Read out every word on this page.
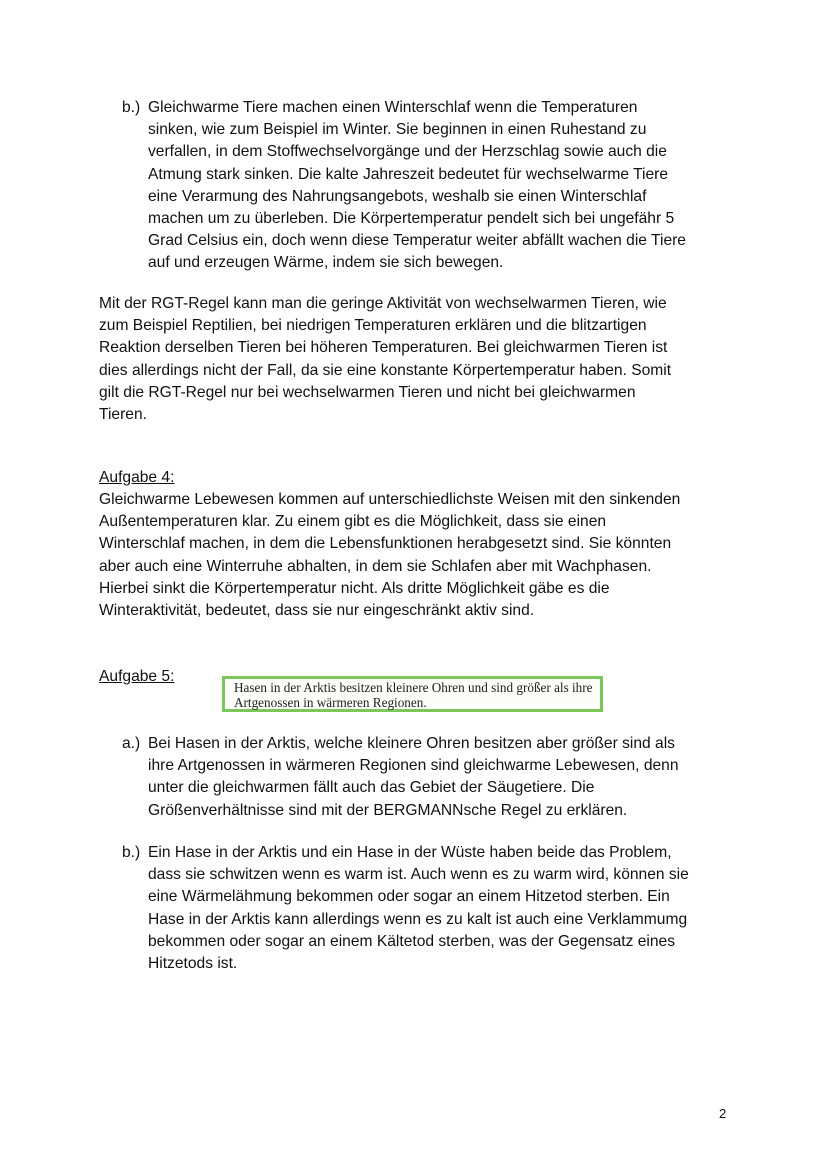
b.) Gleichwarme Tiere machen einen Winterschlaf wenn die Temperaturen
sinken, wie zum Beispiel im Winter. Sie beginnen in einen Ruhestand zu
verfallen, in dem Stoffwechselvorgänge und der Herzschlag sowie auch die
Atmung stark sinken. Die kalte Jahreszeit bedeutet für wechselwarme Tiere
eine Verarmung des Nahrungsangebots, weshalb sie einen Winterschlaf
machen um zu überleben. Die Körpertemperatur pendelt sich bei ungefähr 5
Grad Celsius ein, doch wenn diese Temperatur weiter abfällt wachen die Tiere
auf und erzeugen Wärme, indem sie sich bewegen.
Mit der RGT-Regel kann man die geringe Aktivität von wechselwarmen Tieren, wie
zum Beispiel Reptilien, bei niedrigen Temperaturen erklären und die blitzartigen
Reaktion derselben Tieren bei höheren Temperaturen. Bei gleichwarmen Tieren ist
dies allerdings nicht der Fall, da sie eine konstante Körpertemperatur haben. Somit
gilt die RGT-Regel nur bei wechselwarmen Tieren und nicht bei gleichwarmen
Tieren.
Aufgabe 4:
Gleichwarme Lebewesen kommen auf unterschiedlichste Weisen mit den sinkenden
Außentemperaturen klar. Zu einem gibt es die Möglichkeit, dass sie einen
Winterschlaf machen, in dem die Lebensfunktionen herabgesetzt sind. Sie könnten
aber auch eine Winterruhe abhalten, in dem sie Schlafen aber mit Wachphasen.
Hierbei sinkt die Körpertemperatur nicht. Als dritte Möglichkeit gäbe es die
Winteraktivität, bedeutet, dass sie nur eingeschränkt aktiv sind.
Aufgabe 5:
Hasen in der Arktis besitzen kleinere Ohren und sind größer als ihre
Artgenossen in wärmeren Regionen.
a.) Bei Hasen in der Arktis, welche kleinere Ohren besitzen aber größer sind als
ihre Artgenossen in wärmeren Regionen sind gleichwarme Lebewesen, denn
unter die gleichwarmen fällt auch das Gebiet der Säugetiere. Die
Größenverhältnisse sind mit der BERGMANNsche Regel zu erklären.
b.) Ein Hase in der Arktis und ein Hase in der Wüste haben beide das Problem,
dass sie schwitzen wenn es warm ist. Auch wenn es zu warm wird, können sie
eine Wärmelähmung bekommen oder sogar an einem Hitzetod sterben. Ein
Hase in der Arktis kann allerdings wenn es zu kalt ist auch eine Verklammumg
bekommen oder sogar an einem Kältetod sterben, was der Gegensatz eines
Hitzetods ist.
2
